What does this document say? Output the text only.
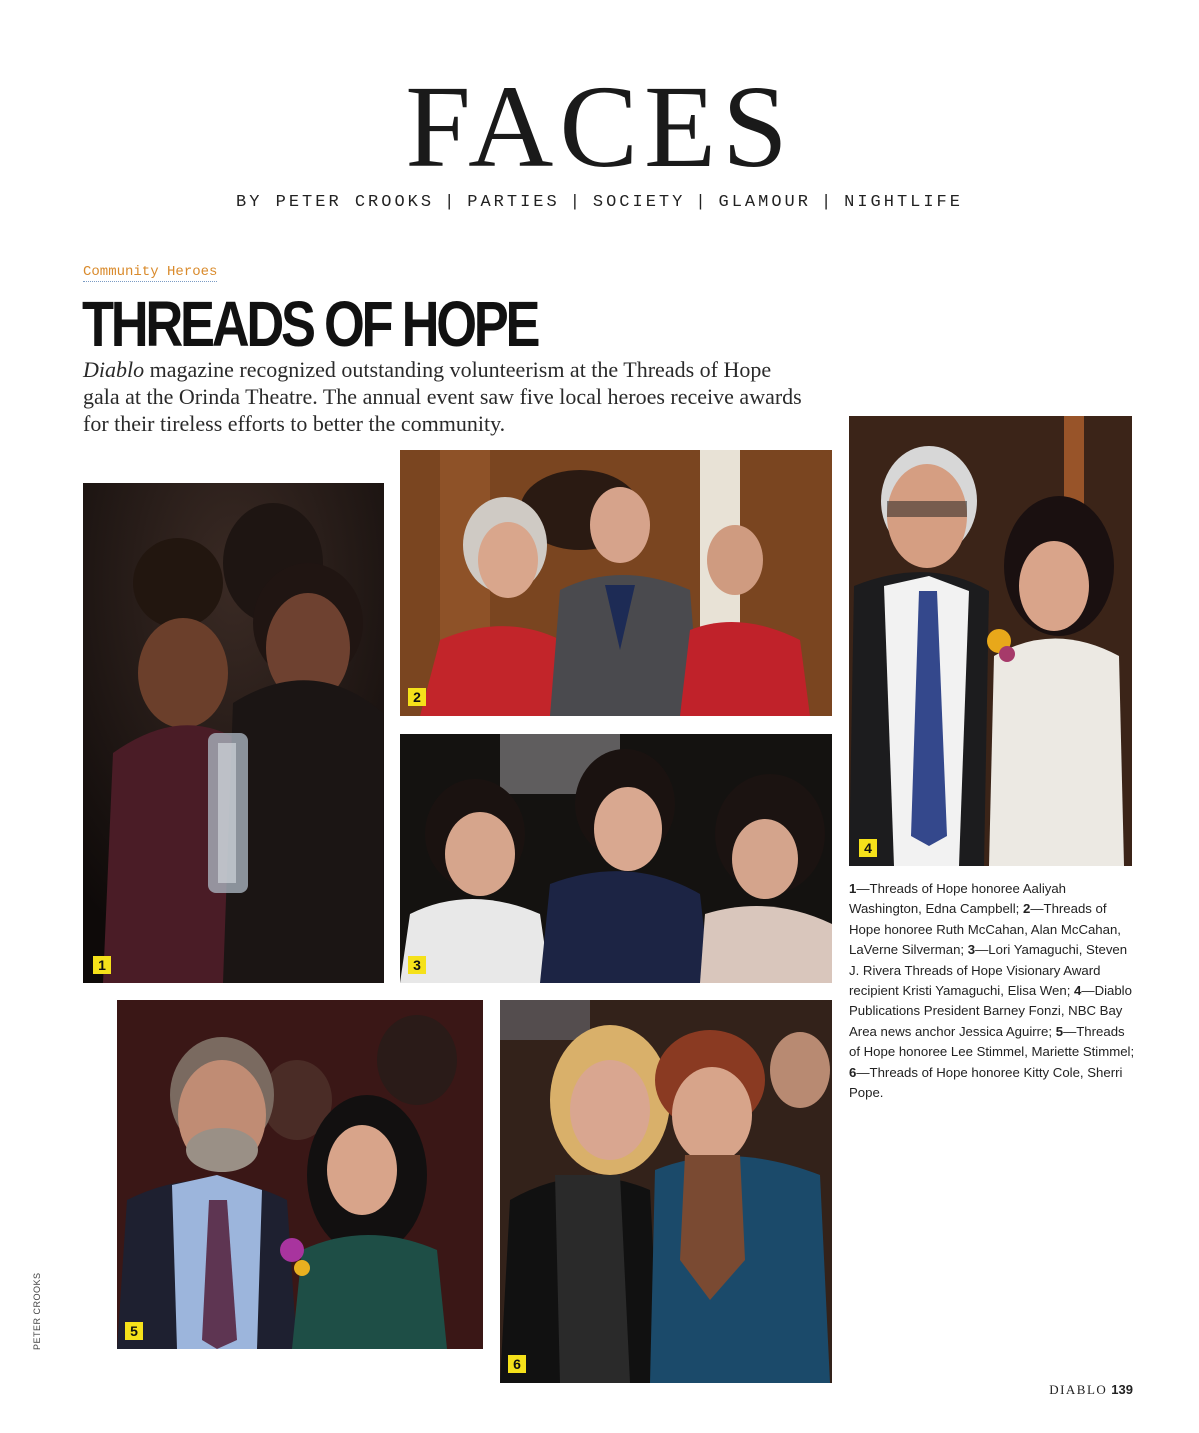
FACES
BY PETER CROOKS | PARTIES | SOCIETY | GLAMOUR | NIGHTLIFE
Community Heroes
THREADS OF HOPE
Diablo magazine recognized outstanding volunteerism at the Threads of Hope gala at the Orinda Theatre. The annual event saw five local heroes receive awards for their tireless efforts to better the community.
1
2
3
4
5
6
1—Threads of Hope honoree Aaliyah Washington, Edna Campbell; 2—Threads of Hope honoree Ruth McCahan, Alan McCahan, LaVerne Silverman; 3—Lori Yamaguchi, Steven J. Rivera Threads of Hope Visionary Award recipient Kristi Yamaguchi, Elisa Wen; 4—Diablo Publications President Barney Fonzi, NBC Bay Area news anchor Jessica Aguirre; 5—Threads of Hope honoree Lee Stimmel, Mariette Stimmel;
6—Threads of Hope honoree Kitty Cole, Sherri Pope.
PETER CROOKS
DIABLO 139
